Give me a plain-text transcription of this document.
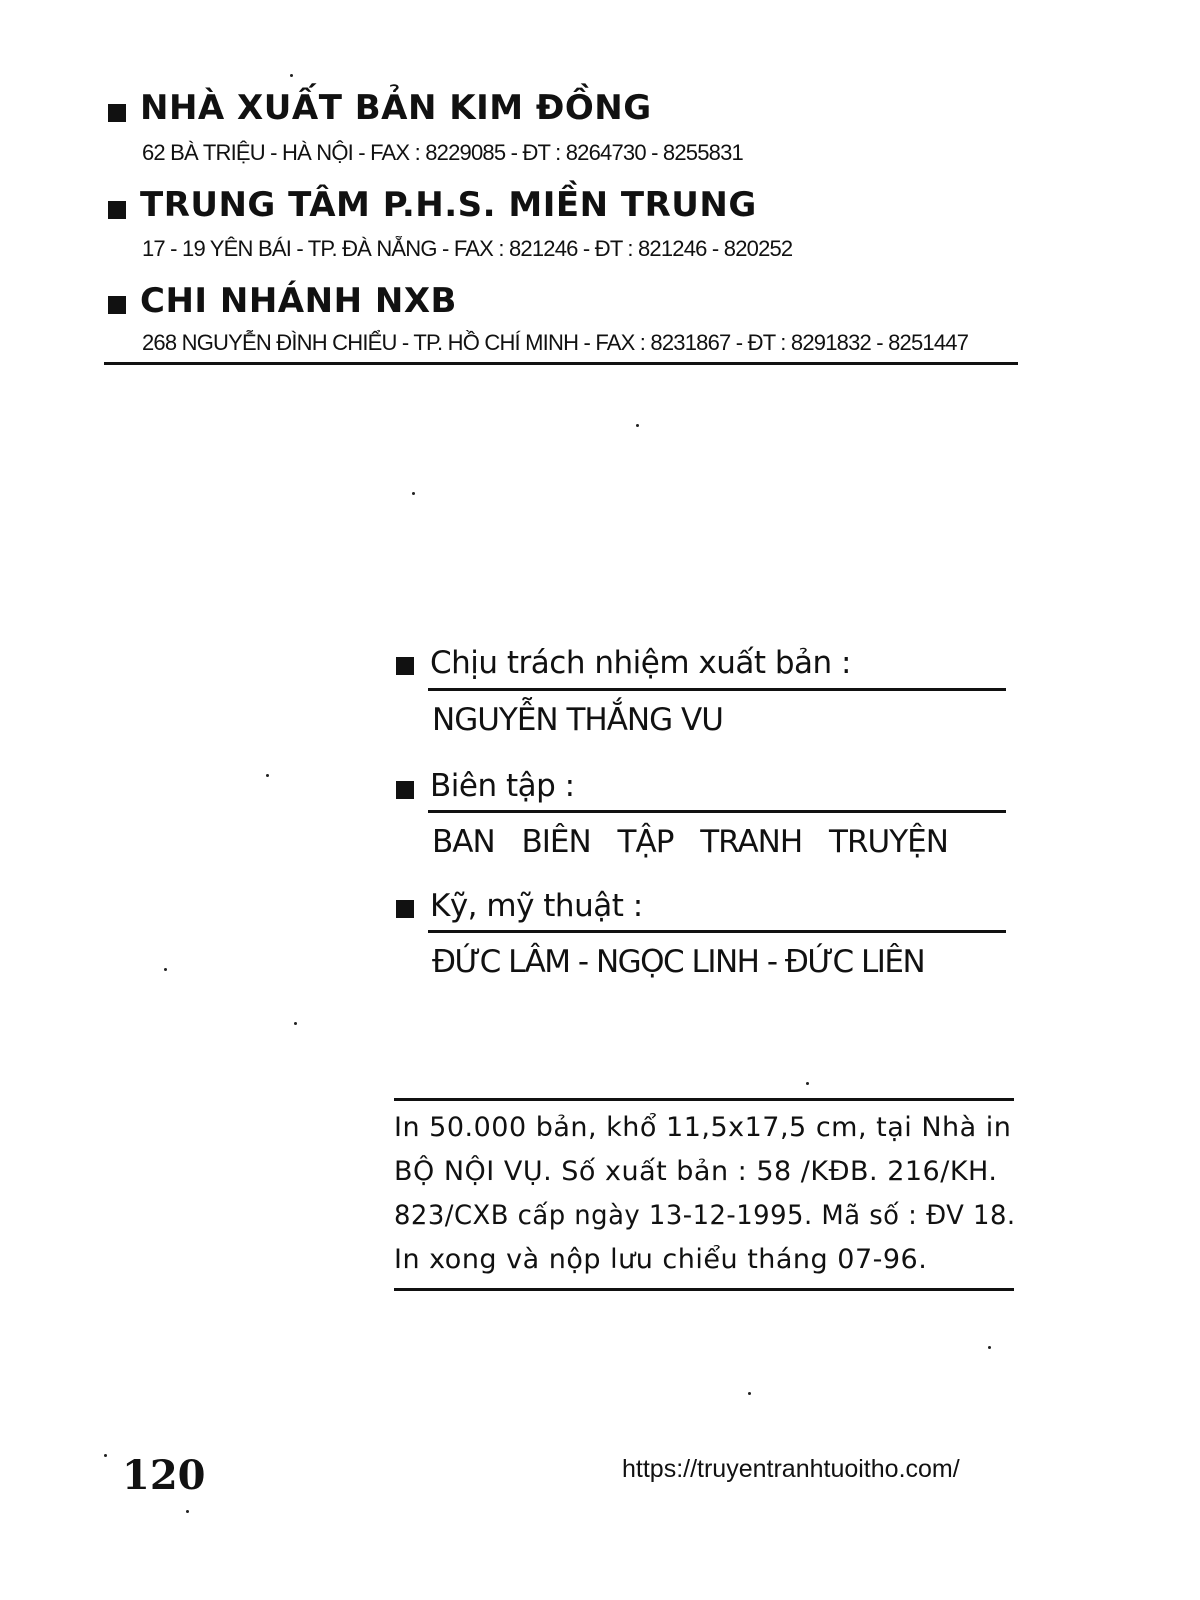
NHÀ XUẤT BẢN KIM ĐỒNG
62 BÀ TRIỆU - HÀ NỘI - FAX : 8229085 - ĐT : 8264730 - 8255831
TRUNG TÂM P.H.S. MIỀN TRUNG
17 - 19 YÊN BÁI - TP. ĐÀ NẴNG - FAX : 821246 - ĐT : 821246 - 820252
CHI NHÁNH NXB
268 NGUYỄN ĐÌNH CHIỂU - TP. HỒ CHÍ MINH - FAX : 8231867 - ĐT : 8291832 - 8251447
Chịu trách nhiệm xuất bản :
NGUYỄN THẮNG VU
Biên tập :
BAN BIÊN TẬP TRANH TRUYỆN
Kỹ, mỹ thuật :
ĐỨC LÂM - NGỌC LINH - ĐỨC LIÊN
In 50.000 bản, khổ 11,5x17,5 cm, tại Nhà in
BỘ NỘI VỤ. Số xuất bản : 58 /KĐB. 216/KH.
823/CXB cấp ngày 13-12-1995. Mã số : ĐV 18.
In xong và nộp lưu chiểu tháng 07-96.
120	https://truyentranhtuoitho.com/
